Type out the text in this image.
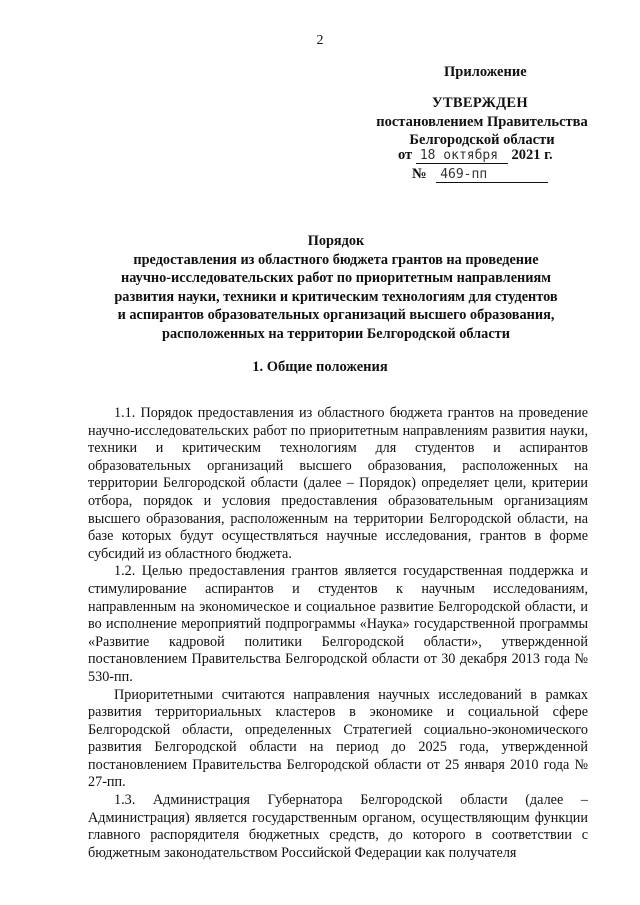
2
Приложение
УТВЕРЖДЕН
постановлением Правительства
Белгородской области
от 18 октября 2021 г.
№ 469-пп
Порядок
предоставления из областного бюджета грантов на проведение
научно-исследовательских работ по приоритетным направлениям
развития науки, техники и критическим технологиям для студентов
и аспирантов образовательных организаций высшего образования,
расположенных на территории Белгородской области
1. Общие положения

1.1. Порядок предоставления из областного бюджета грантов на проведение научно-исследовательских работ по приоритетным направлениям развития науки, техники и критическим технологиям для студентов и аспирантов образовательных организаций высшего образования, расположенных на территории Белгородской области (далее – Порядок) определяет цели, критерии отбора, порядок и условия предоставления образовательным организациям высшего образования, расположенным на территории Белгородской области, на базе которых будут осуществляться научные исследования, грантов в форме субсидий из областного бюджета.

1.2. Целью предоставления грантов является государственная поддержка и стимулирование аспирантов и студентов к научным исследованиям, направленным на экономическое и социальное развитие Белгородской области, и во исполнение мероприятий подпрограммы «Наука» государственной программы «Развитие кадровой политики Белгородской области», утвержденной постановлением Правительства Белгородской области от 30 декабря 2013 года № 530-пп.

Приоритетными считаются направления научных исследований в рамках развития территориальных кластеров в экономике и социальной сфере Белгородской области, определенных Стратегией социально-экономического развития Белгородской области на период до 2025 года, утвержденной постановлением Правительства Белгородской области от 25 января 2010 года № 27-пп.

1.3. Администрация Губернатора Белгородской области (далее – Администрация) является государственным органом, осуществляющим функции главного распорядителя бюджетных средств, до которого в соответствии с бюджетным законодательством Российской Федерации как получателя
